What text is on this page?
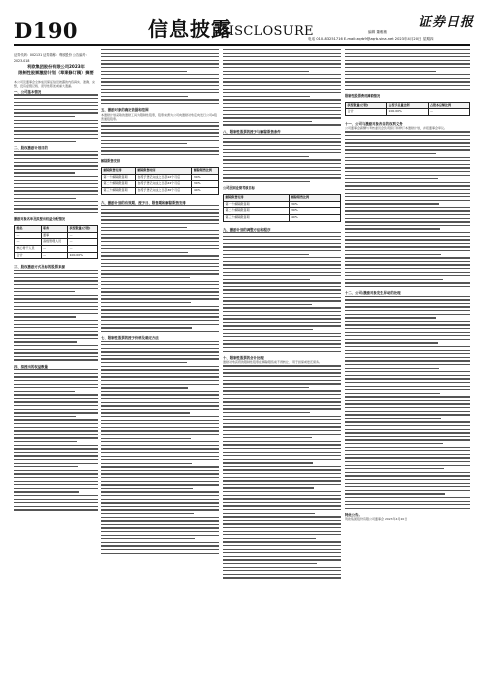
D190	信息披露
DISCLOSURE
证券日报
编辑 董雅敏
电话 010-83251716 E-mail:zqrb9@zqrb.sina.net 2023年4月20日 星期四
证券代码：002131 证券简称：利欧股份 公告编号：2023-018
利欧集团股份有限公司2023年
限制性股票激励计划（草案修订稿）摘要
本公司及董事会全体成员保证信息披露的内容真实、准确、完整，没有虚假记载、误导性陈述或重大遗漏。
一、公司基本情况
二、股权激励计划目的
激励对象名单及拟授出权益分配情况
姓名	职务	获授数量(万股)
—	董事	—
—	高级管理人员	—
核心骨干人员	—	—
合计	—	100.00%
三、股权激励方式及标的股票来源
四、拟授出的权益数量
五、激励对象的确定依据和范围
本激励计划采取的激励工具为限制性股票，股票来源为公司向激励对象定向发行公司A股普通股股票。
解除限售安排
解除限售安排	解除限售时间	解除限售比例
第一个解除限售期	自授予登记完成之日起12个月后	30%
第二个解除限售期	自授予登记完成之日起24个月后	30%
第三个解除限售期	自授予登记完成之日起36个月后	40%
六、激励计划的有效期、授予日、限售期和解除限售安排
七、限制性股票的授予价格及确定方法
八、限制性股票的授予与解除限售条件
公司层面业绩考核目标
解除限售安排	解除限售比例
第一个解除限售期	30%
第二个解除限售期	30%
第三个解除限售期	40%
九、激励计划的调整方法和程序
十、限制性股票的会计处理
激励对象获授的限制性股票在解除限售前不得转让、用于担保或偿还债务。
限制性股票费用摊销情况
获授数量(万股)	占授予总量比例	占股本总额比例
合计	100.00%	—
十一、公司与激励对象各自的权利义务
公司董事会薪酬与考核委员会负责拟订和修订本激励计划，并报董事会审议。
十二、公司/激励对象发生异动的处理
特此公告。
利欧集团股份有限公司董事会 2023年4月20日
